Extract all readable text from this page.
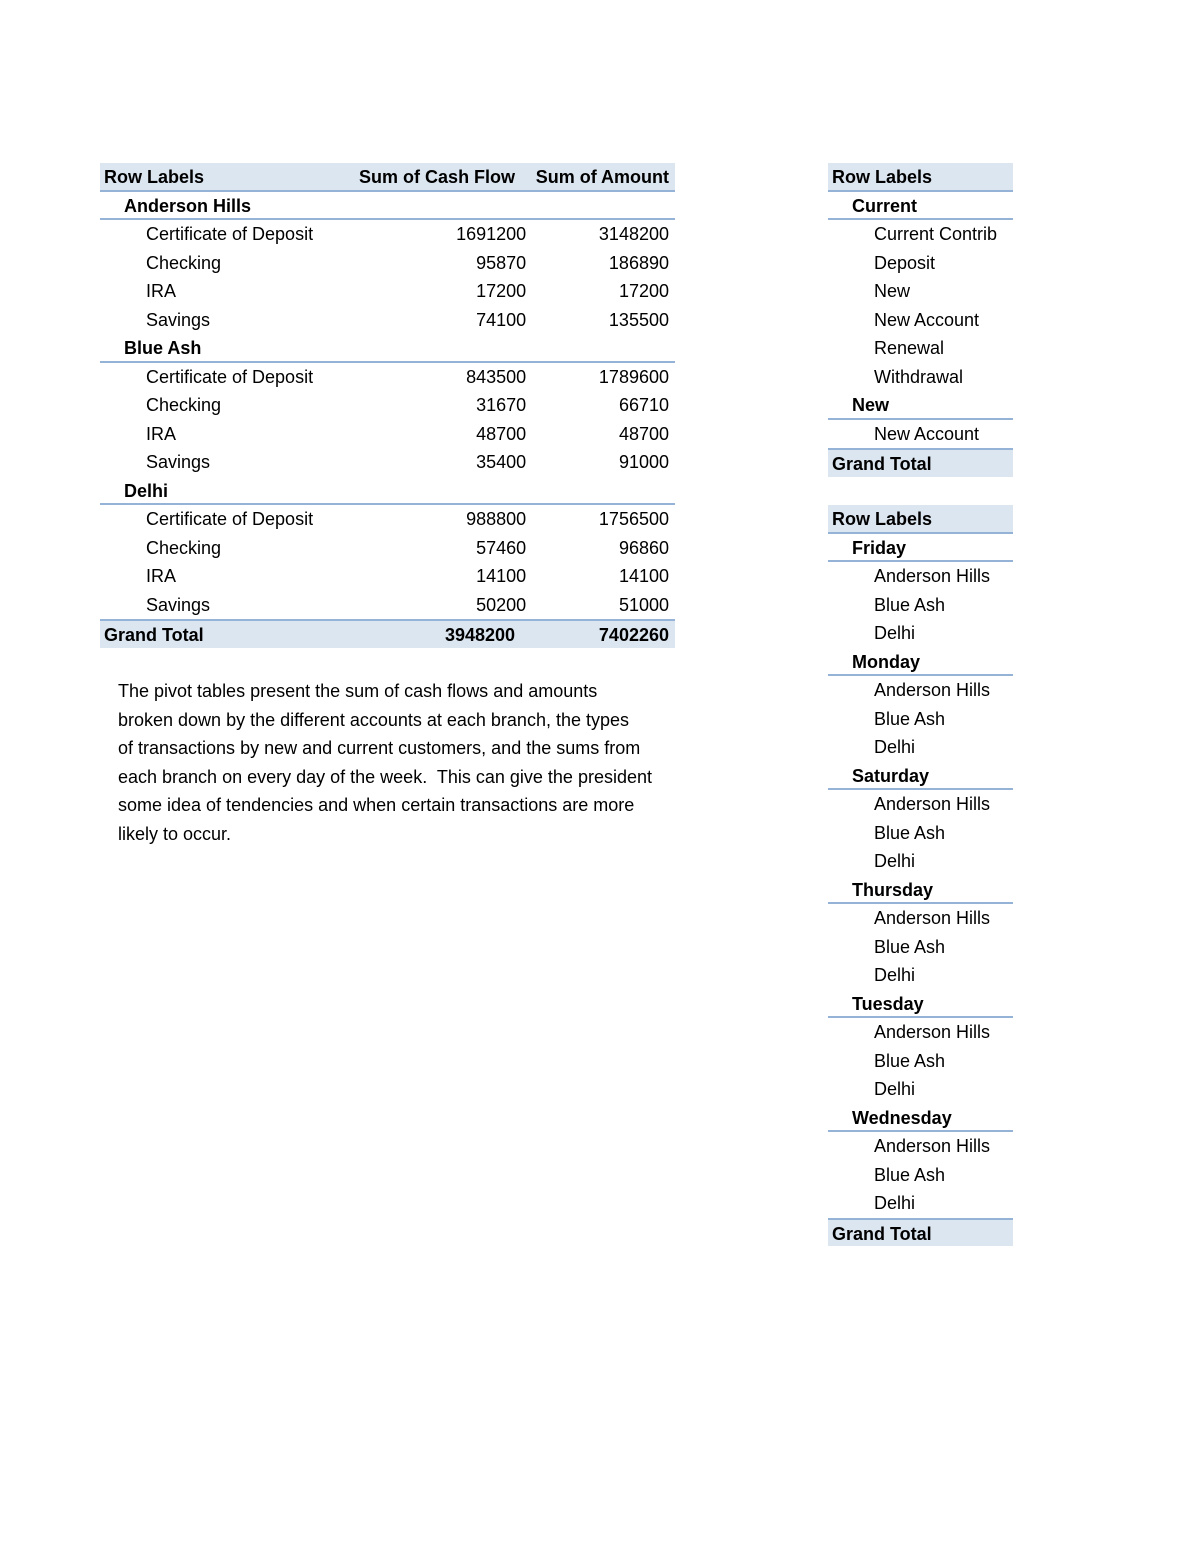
Row Labels	Sum of Cash Flow	Sum of Amount
Anderson Hills
Certificate of Deposit	1691200	3148200
Checking	95870	186890
IRA	17200	17200
Savings	74100	135500
Blue Ash
Certificate of Deposit	843500	1789600
Checking	31670	66710
IRA	48700	48700
Savings	35400	91000
Delhi
Certificate of Deposit	988800	1756500
Checking	57460	96860
IRA	14100	14100
Savings	50200	51000
Grand Total	3948200	7402260
The pivot tables present the sum of cash flows and amounts
broken down by the different accounts at each branch, the types
of transactions by new and current customers, and the sums from
each branch on every day of the week.  This can give the president
some idea of tendencies and when certain transactions are more
likely to occur.
Row Labels
Current
Current Contrib
Deposit
New
New Account
Renewal
Withdrawal
New
New Account
Grand Total
Row Labels
Friday
Anderson Hills
Blue Ash
Delhi
Monday
Anderson Hills
Blue Ash
Delhi
Saturday
Anderson Hills
Blue Ash
Delhi
Thursday
Anderson Hills
Blue Ash
Delhi
Tuesday
Anderson Hills
Blue Ash
Delhi
Wednesday
Anderson Hills
Blue Ash
Delhi
Grand Total
